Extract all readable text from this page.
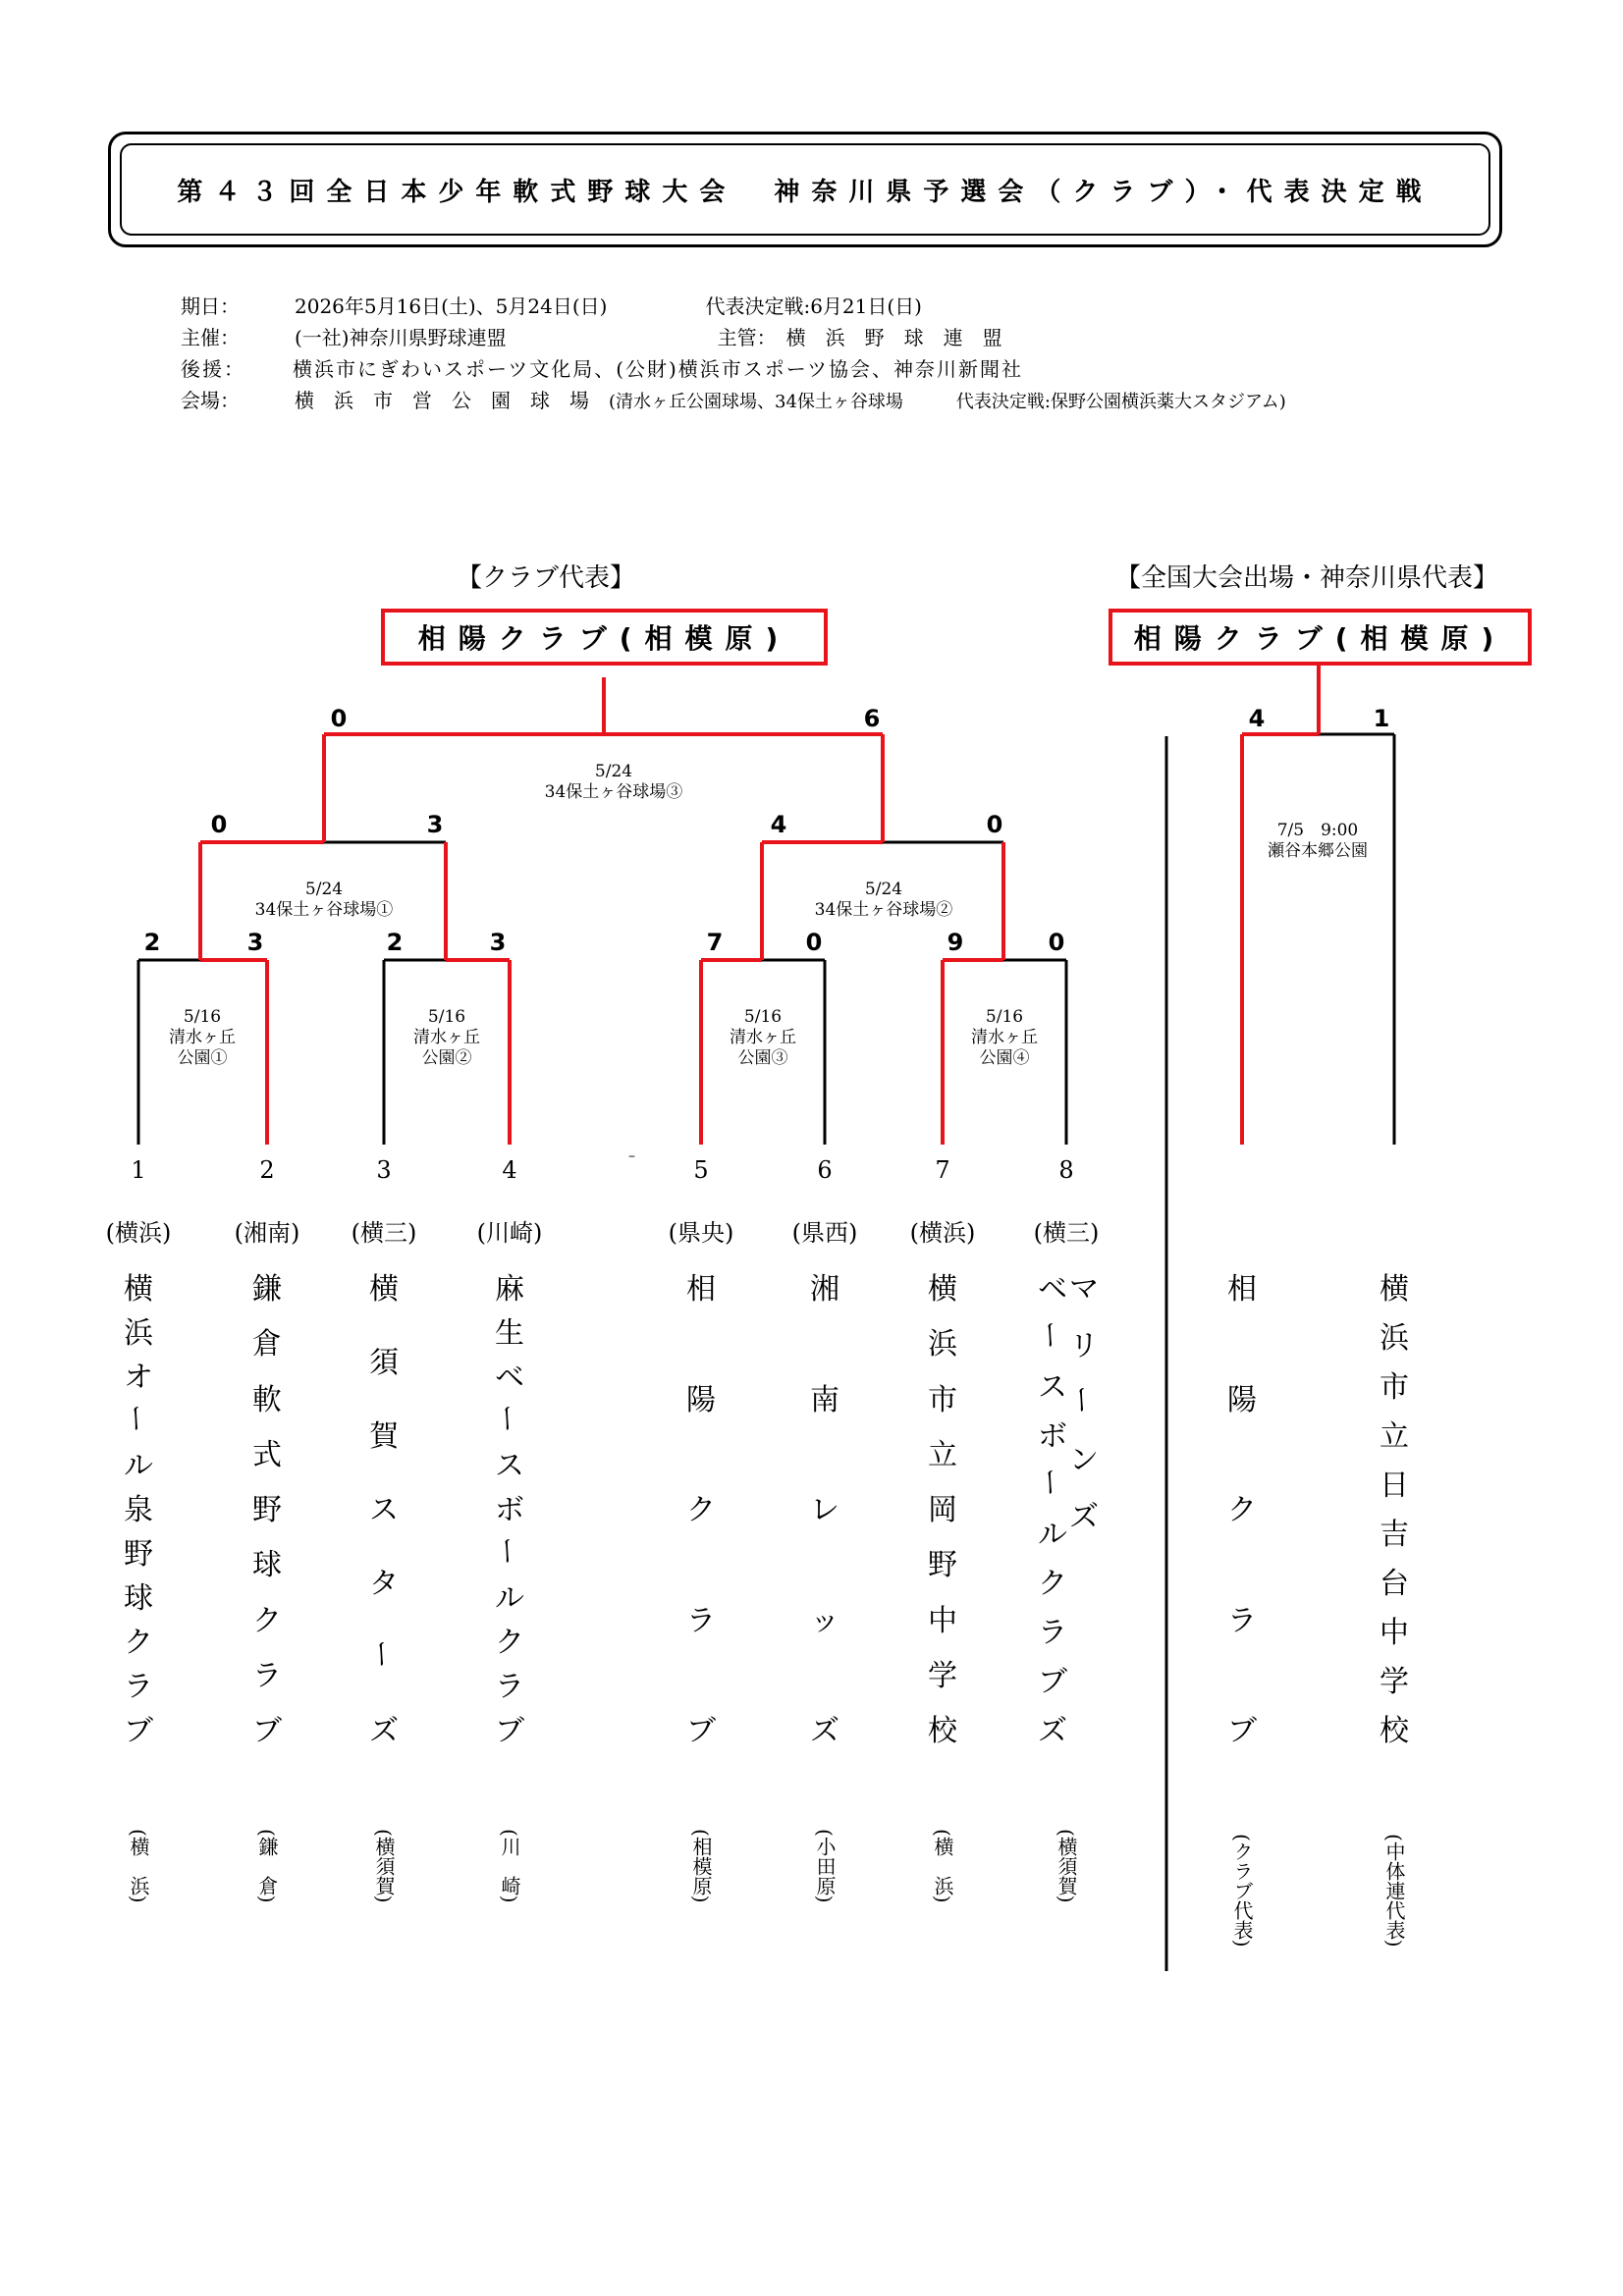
第４３回全日本少年軟式野球大会　神奈川県予選会（クラブ）・代表決定戦
期日：	2026年5月16日(土)、5月24日(日)	代表決定戦:6月21日(日)
主催：	(一社)神奈川県野球連盟	主管：　横　浜　野　球　連　盟
後援： 横浜市にぎわいスポーツ文化局、(公財)横浜市スポーツ協会、神奈川新聞社
会場：	横　浜　市　営　公　園　球　場 (清水ヶ丘公園球場、34保土ヶ谷球場　　　代表決定戦:保野公園横浜薬大スタジアム)
【クラブ代表】	【全国大会出場・神奈川県代表】
相陽クラブ(相模原)	相陽クラブ(相模原)
0	6
5/24
34保土ヶ谷球場③
0	3
5/24
34保土ヶ谷球場①
4	0
5/24
34保土ヶ谷球場②
2	3	2	3	7	0	9	0
5/16
清水ヶ丘
公園①
5/16
清水ヶ丘
公園②
5/16
清水ヶ丘
公園③
5/16
清水ヶ丘
公園④
4	1
7/5　9:00
瀬谷本郷公園
–
1
(横浜)
横
浜
オ
ー
ル
泉
野
球
ク
ラ
ブ
(横　浜)
2
(湘南)
鎌
倉
軟
式
野
球
ク
ラ
ブ
(鎌　倉)
3
(横三)
横
須
賀
ス
タ
ー
ズ
(横須賀)
4
(川崎)
麻
生
ベ
ー
ス
ボ
ー
ル
ク
ラ
ブ
(川　崎)
5
(県央)
相
陽
ク
ラ
ブ
(相模原)
6
(県西)
湘
南
レ
ッ
ズ
(小田原)
7
(横浜)
横
浜
市
立
岡
野
中
学
校
(横　浜)
8
(横三)
ベ
ー
ス
ボ
ー
ル
ク
ラ
ブ
ズ
マ
リ
ー
ン
ズ
(横須賀)
相
陽
ク
ラ
ブ
(クラブ代表)
横
浜
市
立
日
吉
台
中
学
校
(中体連代表)
